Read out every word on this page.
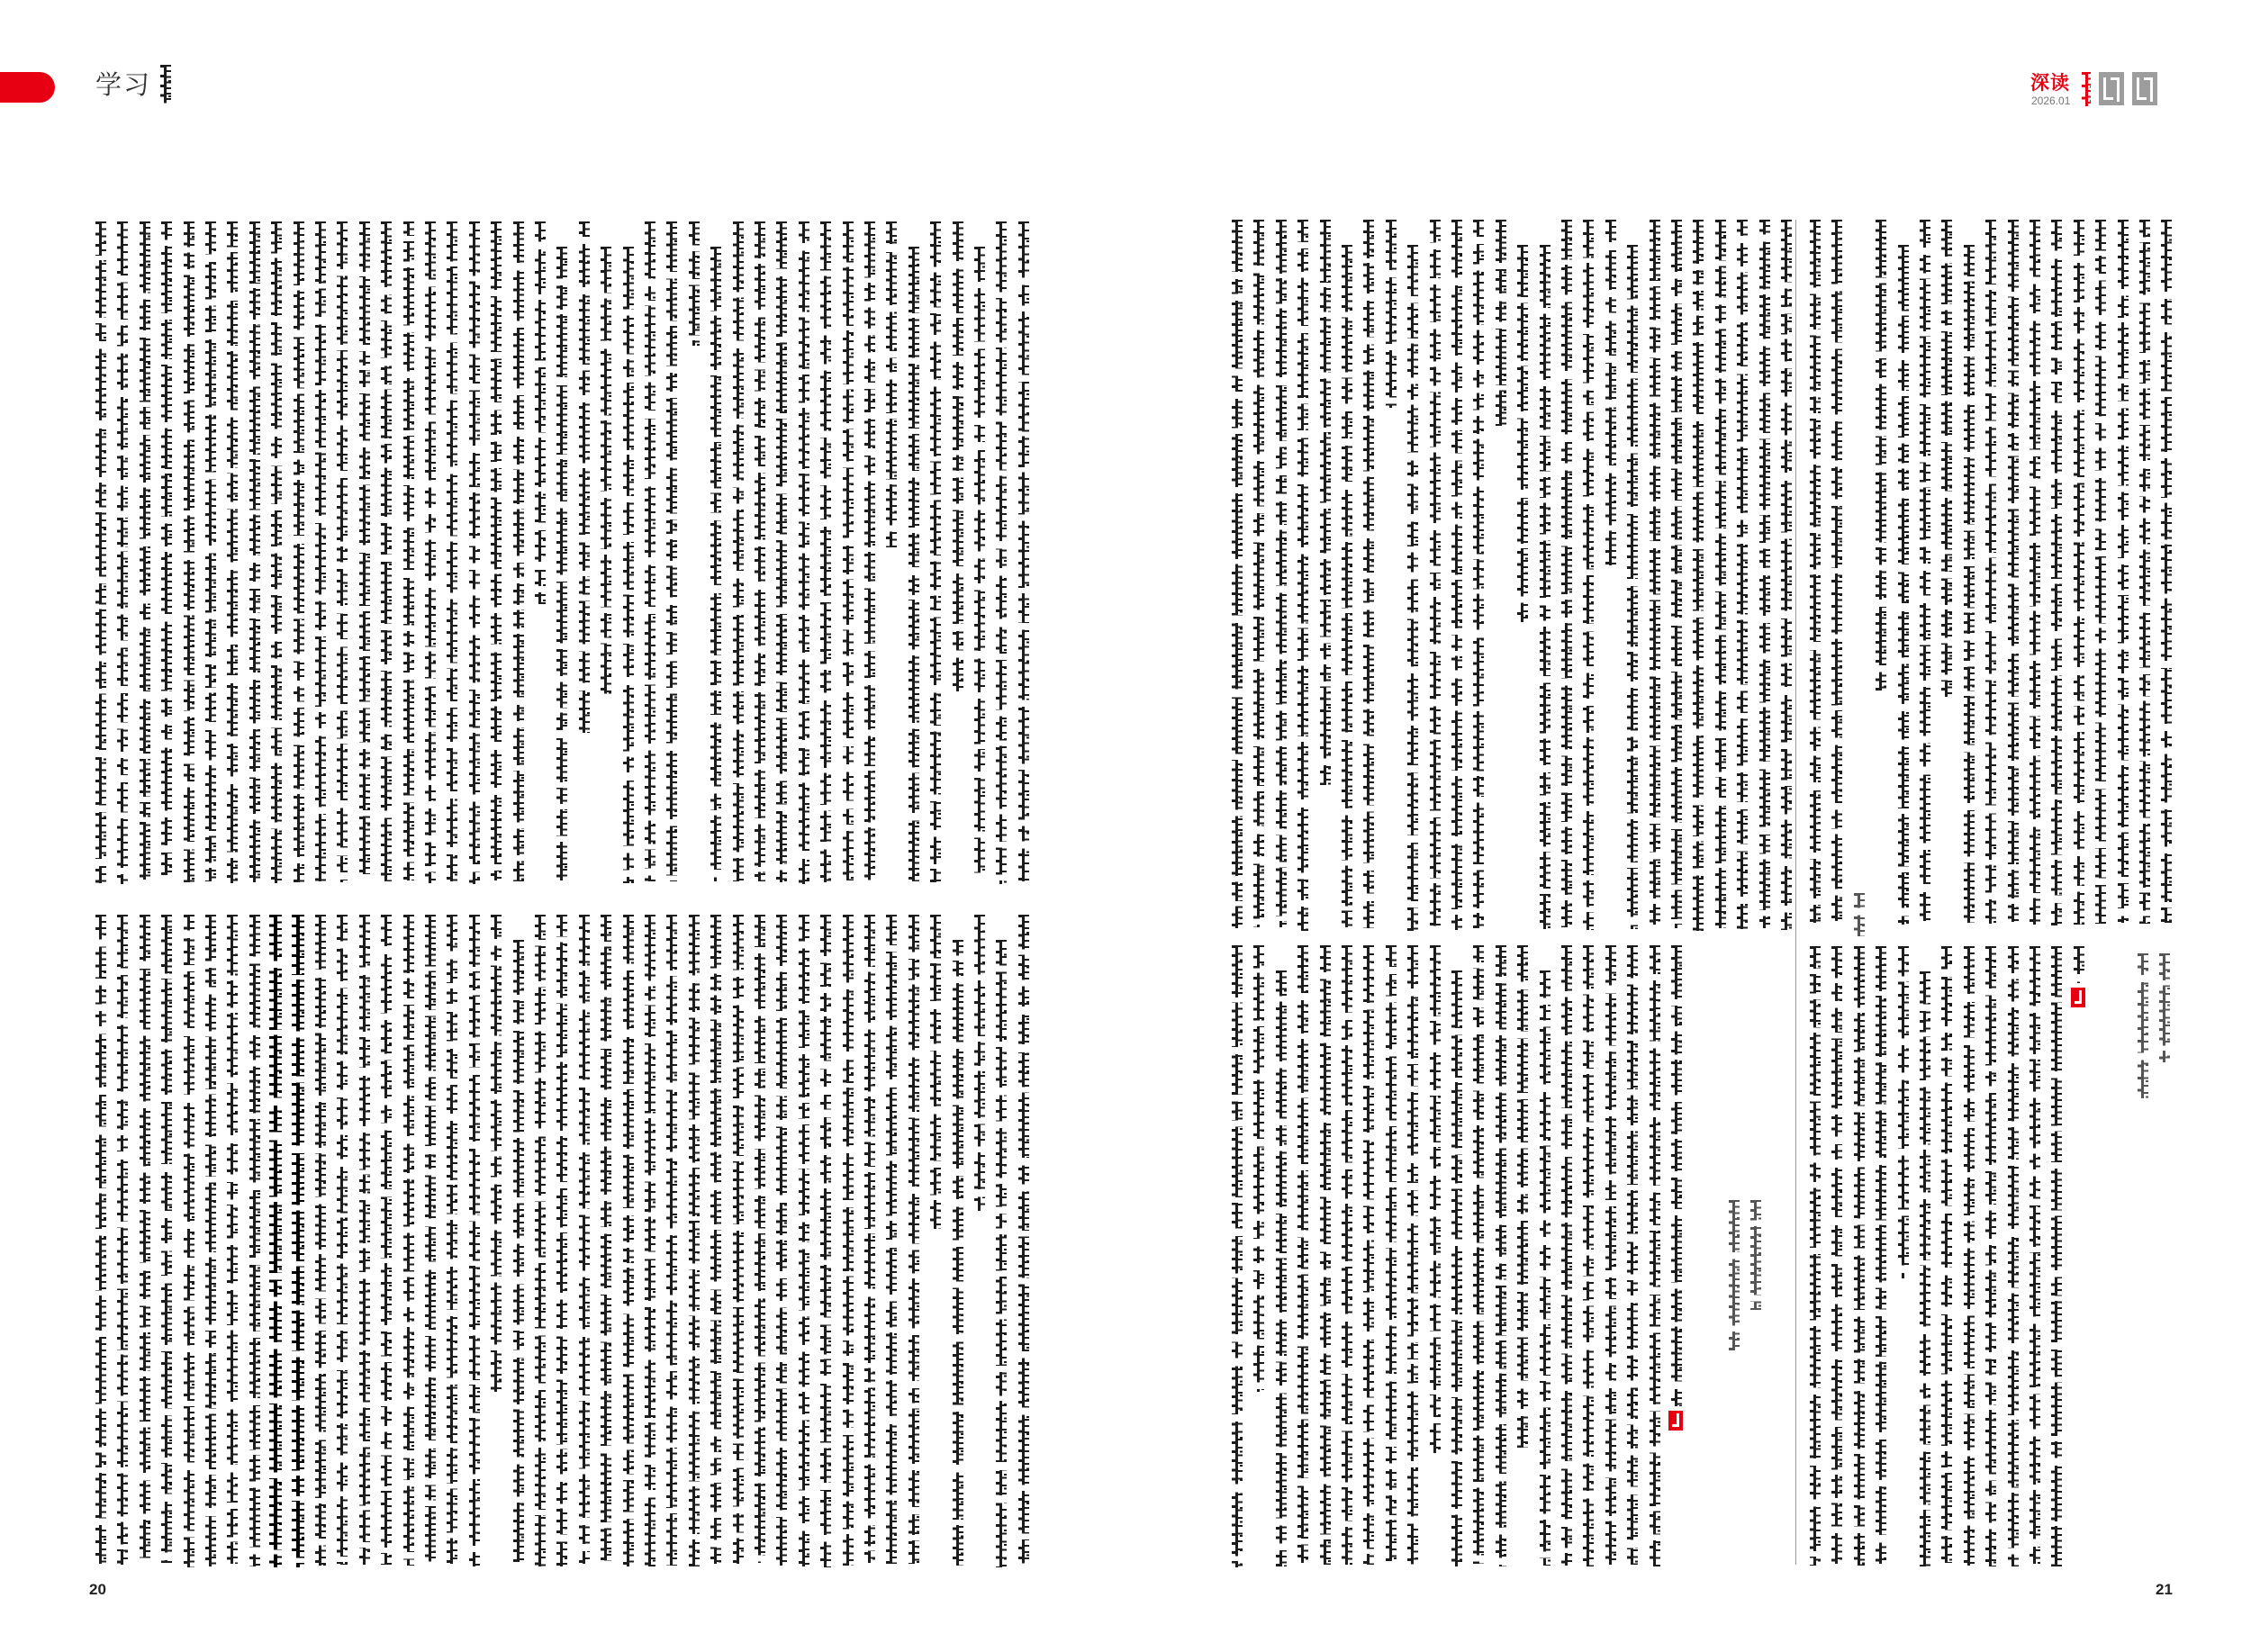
学习	深读
2026.01
20	21
